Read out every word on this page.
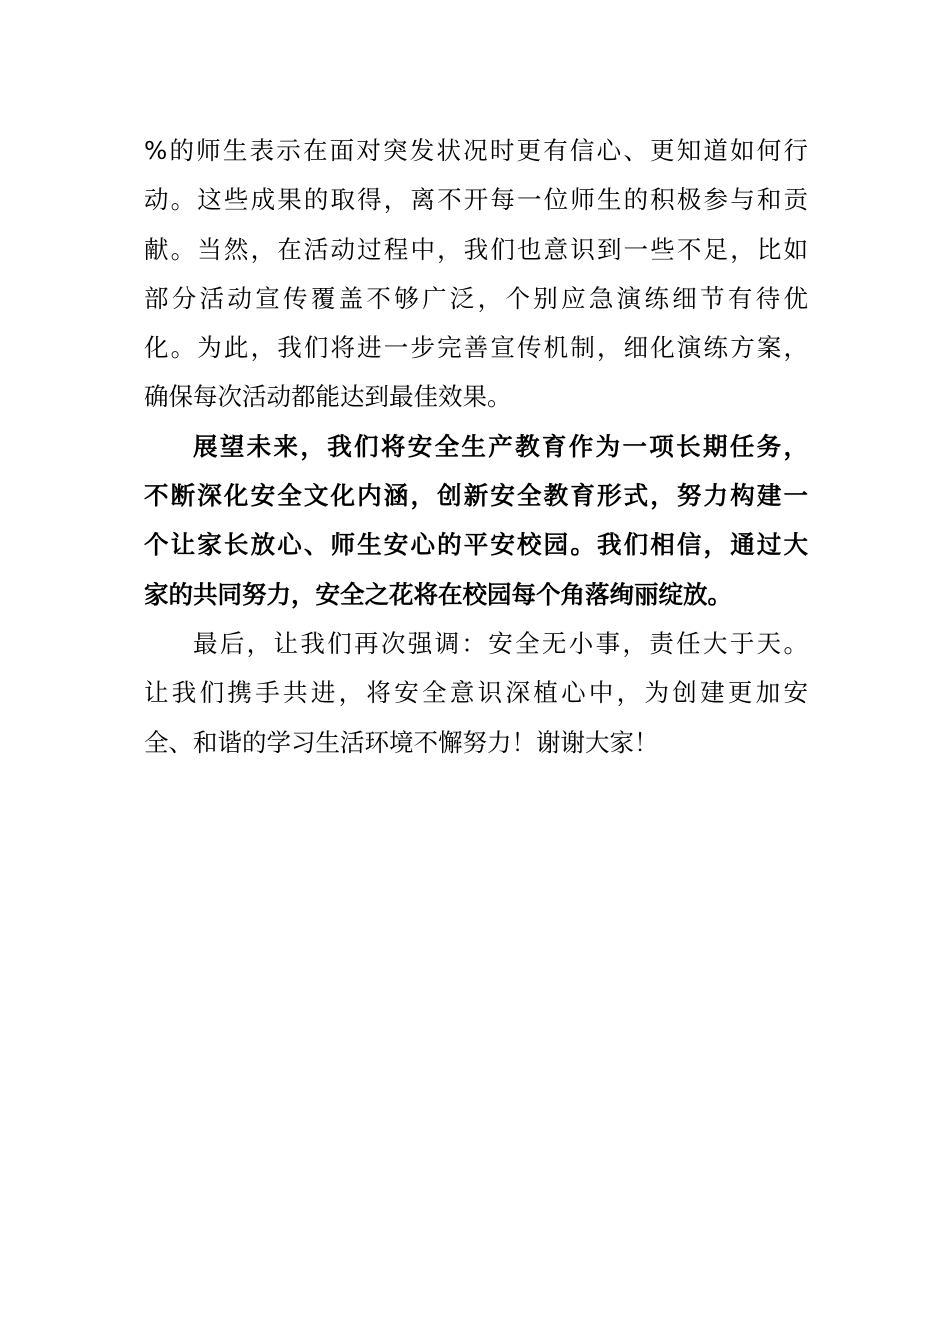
%的师生表示在面对突发状况时更有信心、更知道如何行
动。这些成果的取得，离不开每一位师生的积极参与和贡
献。当然，在活动过程中，我们也意识到一些不足，比如
部分活动宣传覆盖不够广泛，个别应急演练细节有待优
化。为此，我们将进一步完善宣传机制，细化演练方案，
确保每次活动都能达到最佳效果。
展望未来，我们将安全生产教育作为一项长期任务，
不断深化安全文化内涵，创新安全教育形式，努力构建一
个让家长放心、师生安心的平安校园。我们相信，通过大
家的共同努力，安全之花将在校园每个角落绚丽绽放。
最后，让我们再次强调：安全无小事，责任大于天。
让我们携手共进，将安全意识深植心中，为创建更加安
全、和谐的学习生活环境不懈努力！谢谢大家！
